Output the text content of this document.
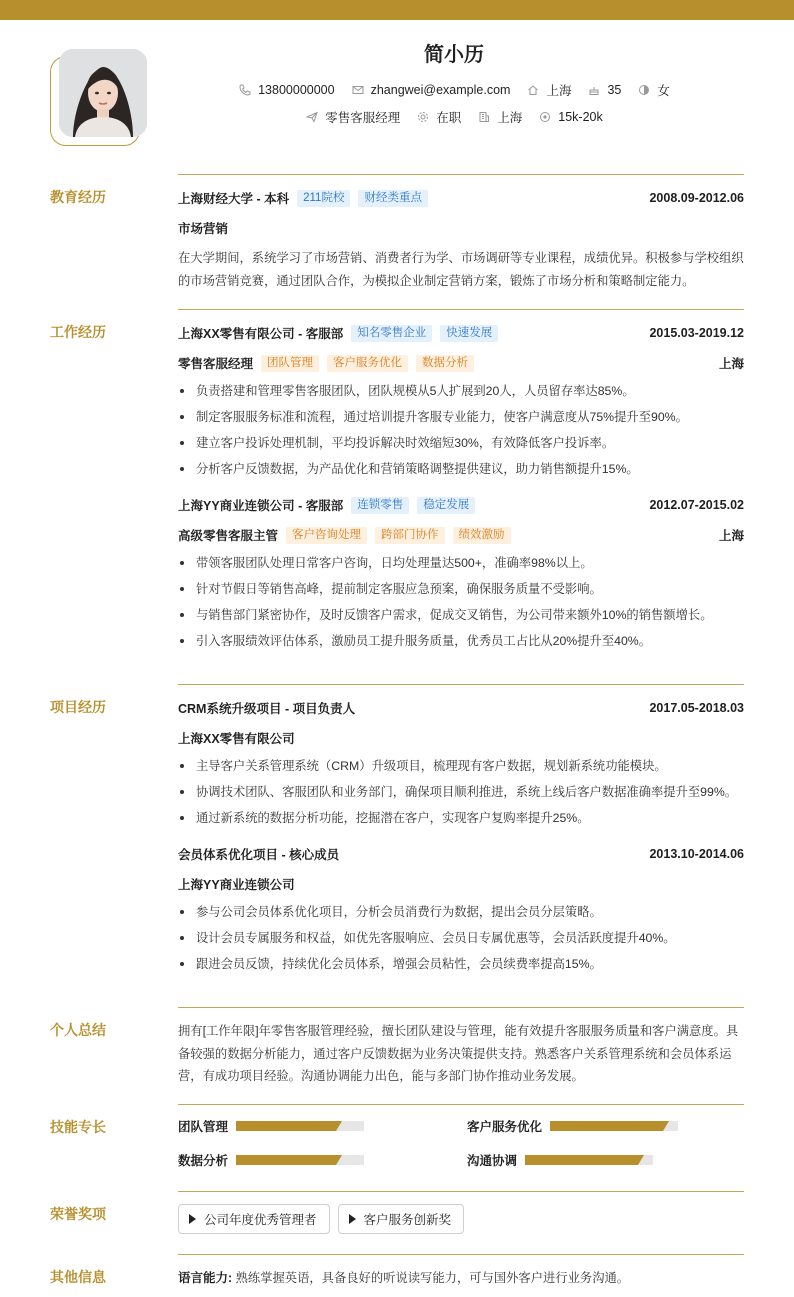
简小历
13800000000	zhangwei@example.com	上海	35	女
零售客服经理	在职	上海	15k-20k
教育经历	上海财经大学 - 本科	211院校	财经类重点	2008.09-2012.06
市场营销
在大学期间，系统学习了市场营销、消费者行为学、市场调研等专业课程，成绩优异。积极参与学校组织的市场营销竞赛，通过团队合作，为模拟企业制定营销方案，锻炼了市场分析和策略制定能力。
工作经历	上海XX零售有限公司 - 客服部	知名零售企业	快速发展	2015.03-2019.12
零售客服经理	团队管理	客户服务优化	数据分析	上海
负责搭建和管理零售客服团队，团队规模从5人扩展到20人，人员留存率达85%。
制定客服服务标准和流程，通过培训提升客服专业能力，使客户满意度从75%提升至90%。
建立客户投诉处理机制，平均投诉解决时效缩短30%，有效降低客户投诉率。
分析客户反馈数据，为产品优化和营销策略调整提供建议，助力销售额提升15%。
上海YY商业连锁公司 - 客服部	连锁零售	稳定发展	2012.07-2015.02
高级零售客服主管	客户咨询处理	跨部门协作	绩效激励	上海
带领客服团队处理日常客户咨询，日均处理量达500+，准确率98%以上。
针对节假日等销售高峰，提前制定客服应急预案，确保服务质量不受影响。
与销售部门紧密协作，及时反馈客户需求，促成交叉销售，为公司带来额外10%的销售额增长。
引入客服绩效评估体系，激励员工提升服务质量，优秀员工占比从20%提升至40%。
项目经历	CRM系统升级项目 - 项目负责人	2017.05-2018.03
上海XX零售有限公司
主导客户关系管理系统（CRM）升级项目，梳理现有客户数据，规划新系统功能模块。
协调技术团队、客服团队和业务部门，确保项目顺利推进，系统上线后客户数据准确率提升至99%。
通过新系统的数据分析功能，挖掘潜在客户，实现客户复购率提升25%。
会员体系优化项目 - 核心成员	2013.10-2014.06
上海YY商业连锁公司
参与公司会员体系优化项目，分析会员消费行为数据，提出会员分层策略。
设计会员专属服务和权益，如优先客服响应、会员日专属优惠等，会员活跃度提升40%。
跟进会员反馈，持续优化会员体系，增强会员粘性，会员续费率提高15%。
个人总结	拥有[工作年限]年零售客服管理经验，擅长团队建设与管理，能有效提升客服服务质量和客户满意度。具备较强的数据分析能力，通过客户反馈数据为业务决策提供支持。熟悉客户关系管理系统和会员体系运营，有成功项目经验。沟通协调能力出色，能与多部门协作推动业务发展。
技能专长	团队管理	客户服务优化
数据分析	沟通协调
荣誉奖项	公司年度优秀管理者	客户服务创新奖
其他信息	语言能力: 熟练掌握英语，具备良好的听说读写能力，可与国外客户进行业务沟通。
